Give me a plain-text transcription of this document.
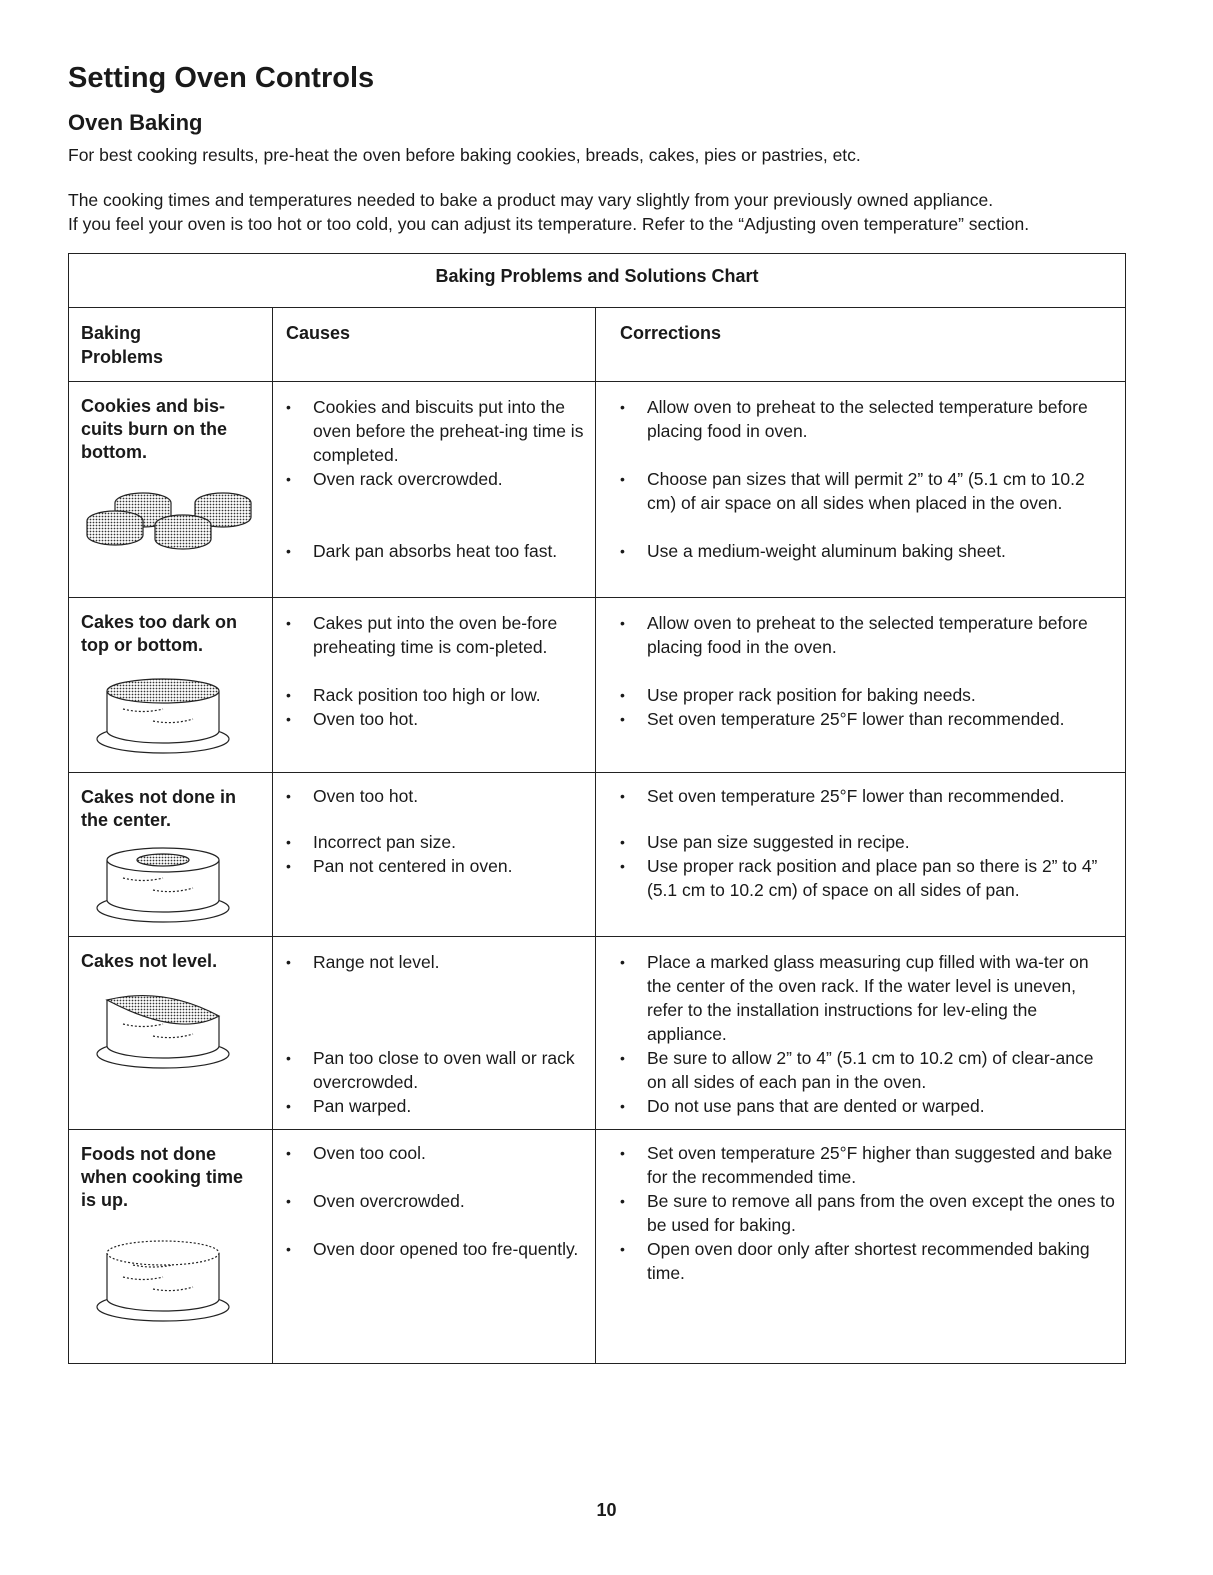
Setting Oven Controls
Oven Baking

For best cooking results, pre-heat the oven before baking cookies, breads, cakes, pies or pastries, etc.

The cooking times and temperatures needed to bake a product may vary slightly from your previously owned appliance.

If you feel your oven is too hot or too cold, you can adjust its temperature. Refer to the “Adjusting oven temperature” section.

Baking Problems and Solutions Chart
Baking
Problems
Causes	Corrections
Cookies and bis-
cuits burn on the
bottom.
• Cookies and biscuits put into the oven before the preheat-ing time is completed.
• Oven rack overcrowded.
• Dark pan absorbs heat too fast.
• Allow oven to preheat to the selected temperature before placing food in oven.
• Choose pan sizes that will permit 2” to 4” (5.1 cm to 10.2 cm) of air space on all sides when placed in the oven.
• Use a medium-weight aluminum baking sheet.
Cakes too dark on
top or bottom.
• Cakes put into the oven be-fore preheating time is com-pleted.
• Rack position too high or low.
• Oven too hot.
• Allow oven to preheat to the selected temperature before placing food in the oven.
• Use proper rack position for baking needs.
• Set oven temperature 25°F lower than recommended.
Cakes not done in
the center.
• Oven too hot.
• Incorrect pan size.
• Pan not centered in oven.
• Set oven temperature 25°F lower than recommended.
• Use pan size suggested in recipe.
• Use proper rack position and place pan so there is 2” to 4” (5.1 cm to 10.2 cm) of space on all sides of pan.
Cakes not level.	• Range not level.
• Pan too close to oven wall or rack overcrowded.
• Pan warped.
• Place a marked glass measuring cup filled with wa-ter on the center of the oven rack. If the water level is uneven, refer to the installation instructions for lev-eling the appliance.
• Be sure to allow 2” to 4” (5.1 cm to 10.2 cm) of clear-ance on all sides of each pan in the oven.
• Do not use pans that are dented or warped.
Foods not done
when cooking time
is up.
• Oven too cool.
• Oven overcrowded.
• Oven door opened too fre-quently.
• Set oven temperature 25°F higher than suggested and bake for the recommended time.
• Be sure to remove all pans from the oven except the ones to be used for baking.
• Open oven door only after shortest recommended baking time.
10
